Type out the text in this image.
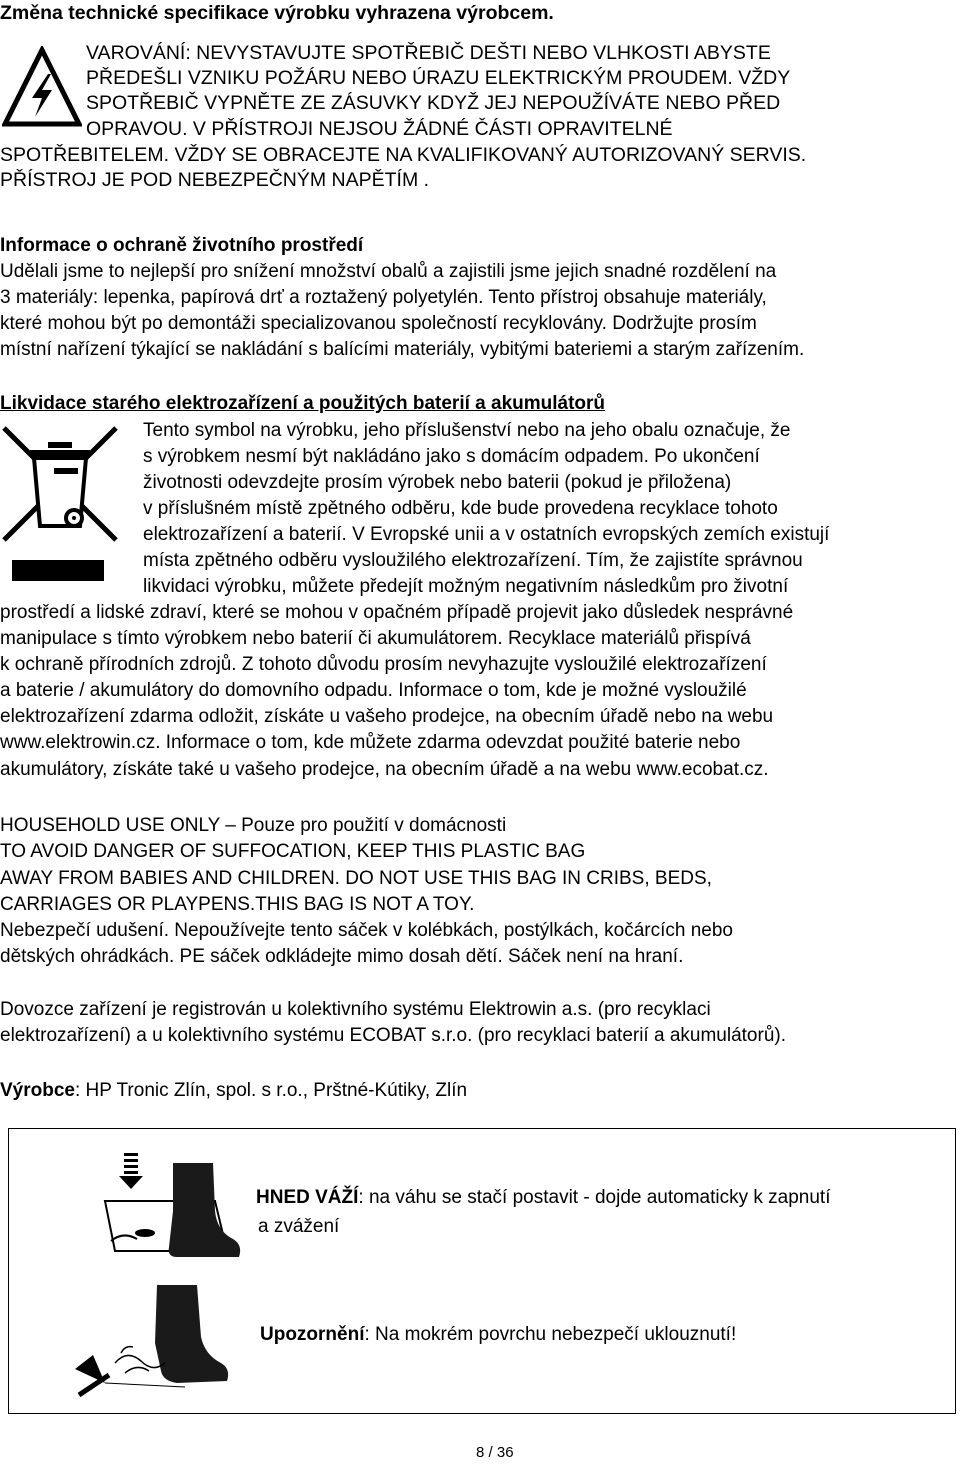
Změna technické specifikace výrobku vyhrazena výrobcem.
VAROVÁNÍ: NEVYSTAVUJTE SPOTŘEBIČ DEŠTI NEBO VLHKOSTI ABYSTE
PŘEDEŠLI VZNIKU POŽÁRU NEBO ÚRAZU ELEKTRICKÝM PROUDEM. VŽDY
SPOTŘEBIČ VYPNĚTE ZE ZÁSUVKY KDYŽ JEJ NEPOUŽÍVÁTE NEBO PŘED
OPRAVOU. V PŘÍSTROJI NEJSOU ŽÁDNÉ ČÁSTI OPRAVITELNÉ
SPOTŘEBITELEM. VŽDY SE OBRACEJTE NA KVALIFIKOVANÝ AUTORIZOVANÝ SERVIS.
PŘÍSTROJ JE POD NEBEZPEČNÝM NAPĚTÍM .
Informace o ochraně životního prostředí
Udělali jsme to nejlepší pro snížení množství obalů a zajistili jsme jejich snadné rozdělení na
3 materiály: lepenka, papírová drť a roztažený polyetylén. Tento přístroj obsahuje materiály,
které mohou být po demontáži specializovanou společností recyklovány. Dodržujte prosím
místní nařízení týkající se nakládání s balícími materiály, vybitými bateriemi a starým zařízením.
Likvidace starého elektrozařízení a použitých baterií a akumulátorů
Tento symbol na výrobku, jeho příslušenství nebo na jeho obalu označuje, že
s výrobkem nesmí být nakládáno jako s domácím odpadem. Po ukončení
životnosti odevzdejte prosím výrobek nebo baterii (pokud je přiložena)
v příslušném místě zpětného odběru, kde bude provedena recyklace tohoto
elektrozařízení a baterií. V Evropské unii a v ostatních evropských zemích existují
místa zpětného odběru vysloužilého elektrozařízení. Tím, že zajistíte správnou
likvidaci výrobku, můžete předejít možným negativním následkům pro životní
prostředí a lidské zdraví, které se mohou v opačném případě projevit jako důsledek nesprávné
manipulace s tímto výrobkem nebo baterií či akumulátorem. Recyklace materiálů přispívá
k ochraně přírodních zdrojů. Z tohoto důvodu prosím nevyhazujte vysloužilé elektrozařízení
a baterie / akumulátory do domovního odpadu. Informace o tom, kde je možné vysloužilé
elektrozařízení zdarma odložit, získáte u vašeho prodejce, na obecním úřadě nebo na webu
www.elektrowin.cz. Informace o tom, kde můžete zdarma odevzdat použité baterie nebo
akumulátory, získáte také u vašeho prodejce, na obecním úřadě a na webu www.ecobat.cz.
HOUSEHOLD USE ONLY – Pouze pro použití v domácnosti
TO AVOID DANGER OF SUFFOCATION, KEEP THIS PLASTIC BAG
AWAY FROM BABIES AND CHILDREN. DO NOT USE THIS BAG IN CRIBS, BEDS,
CARRIAGES OR PLAYPENS.THIS BAG IS NOT A TOY.
Nebezpečí udušení. Nepoužívejte tento sáček v kolébkách, postýlkách, kočárcích nebo
dětských ohrádkách. PE sáček odkládejte mimo dosah dětí. Sáček není na hraní.
Dovozce zařízení je registrován u kolektivního systému Elektrowin a.s. (pro recyklaci
elektrozařízení) a u kolektivního systému ECOBAT s.r.o. (pro recyklaci baterií a akumulátorů).
Výrobce: HP Tronic Zlín, spol. s r.o., Prštné-Kútiky, Zlín
HNED VÁŽÍ: na váhu se stačí postavit - dojde automaticky k zapnutí
a zvážení
Upozornění: Na mokrém povrchu nebezpečí uklouznutí!
8 / 36
